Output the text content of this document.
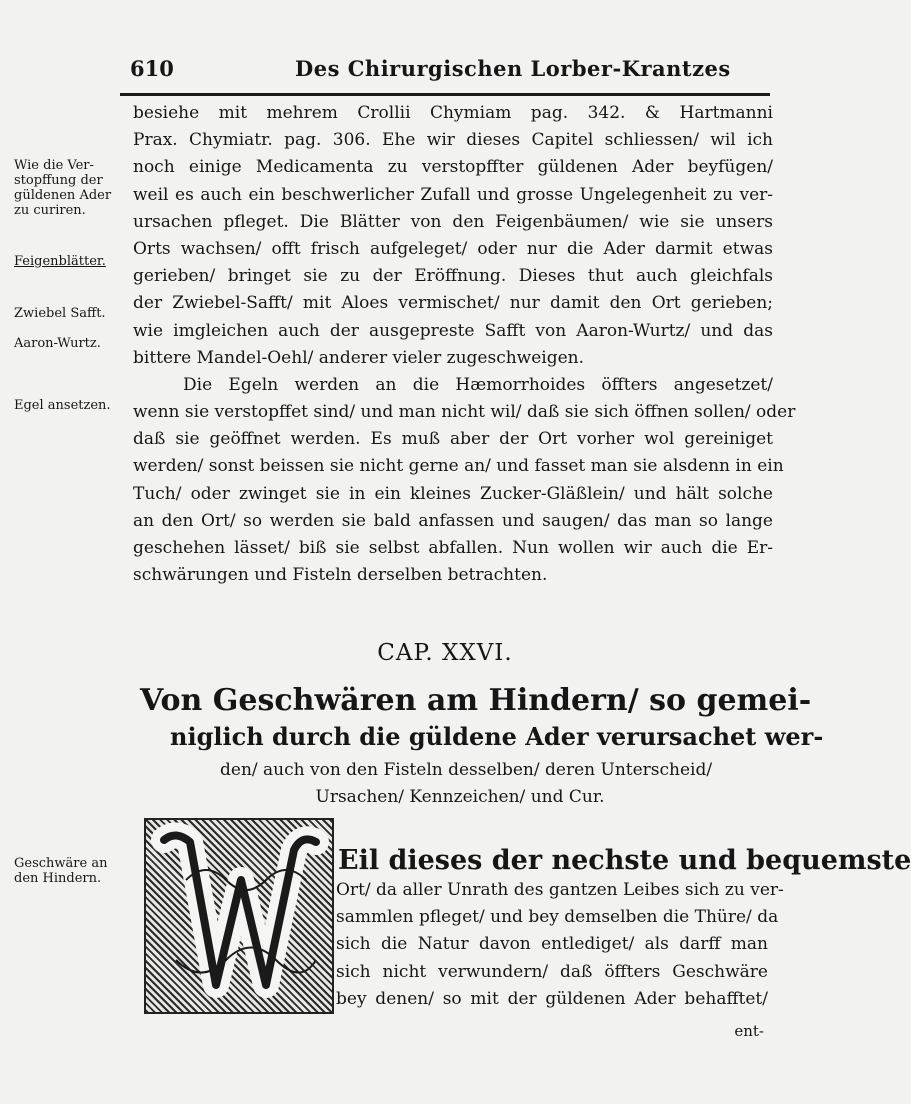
610	Des Chirurgischen Lorber-Krantzes
besiehe mit mehrem Crollii Chymiam pag. 342. & Hartmanni
Prax. Chymiatr. pag. 306. Ehe wir dieses Capitel schliessen/ wil ich
noch einige Medicamenta zu verstopffter güldenen Ader beyfügen/
weil es auch ein beschwerlicher Zufall und grosse Ungelegenheit zu ver-
ursachen pfleget. Die Blätter von den Feigenbäumen/ wie sie unsers
Orts wachsen/ offt frisch aufgeleget/ oder nur die Ader darmit etwas
gerieben/ bringet sie zu der Eröffnung. Dieses thut auch gleichfals
der Zwiebel-Safft/ mit Aloes vermischet/ nur damit den Ort gerieben;
wie imgleichen auch der ausgepreste Safft von Aaron-Wurtz/ und das
bittere Mandel-Oehl/ anderer vieler zugeschweigen.
Die Egeln werden an die Hæmorrhoides öffters angesetzet/
wenn sie verstopffet sind/ und man nicht wil/ daß sie sich öffnen sollen/ oder
daß sie geöffnet werden. Es muß aber der Ort vorher wol gereiniget
werden/ sonst beissen sie nicht gerne an/ und fasset man sie alsdenn in ein
Tuch/ oder zwinget sie in ein kleines Zucker-Gläßlein/ und hält solche
an den Ort/ so werden sie bald anfassen und saugen/ das man so lange
geschehen lässet/ biß sie selbst abfallen. Nun wollen wir auch die Er-
schwärungen und Fisteln derselben betrachten.
Wie die Ver-
stopffung der
güldenen Ader
zu curiren.
Feigenblätter.
Zwiebel Safft.
Aaron-Wurtz.
Egel ansetzen.
Geschwäre an
den Hindern.
CAP. XXVI.
Von Geschwären am Hindern/ so gemei-
niglich durch die güldene Ader verursachet wer-
den/ auch von den Fisteln desselben/ deren Unterscheid/
Ursachen/ Kennzeichen/ und Cur.
Eil dieses der nechste und bequemste
Ort/ da aller Unrath des gantzen Leibes sich zu ver-
sammlen pfleget/ und bey demselben die Thüre/ da
sich die Natur davon entlediget/ als darff man
sich nicht verwundern/ daß öffters Geschwäre
bey denen/ so mit der güldenen Ader behafftet/
ent-
